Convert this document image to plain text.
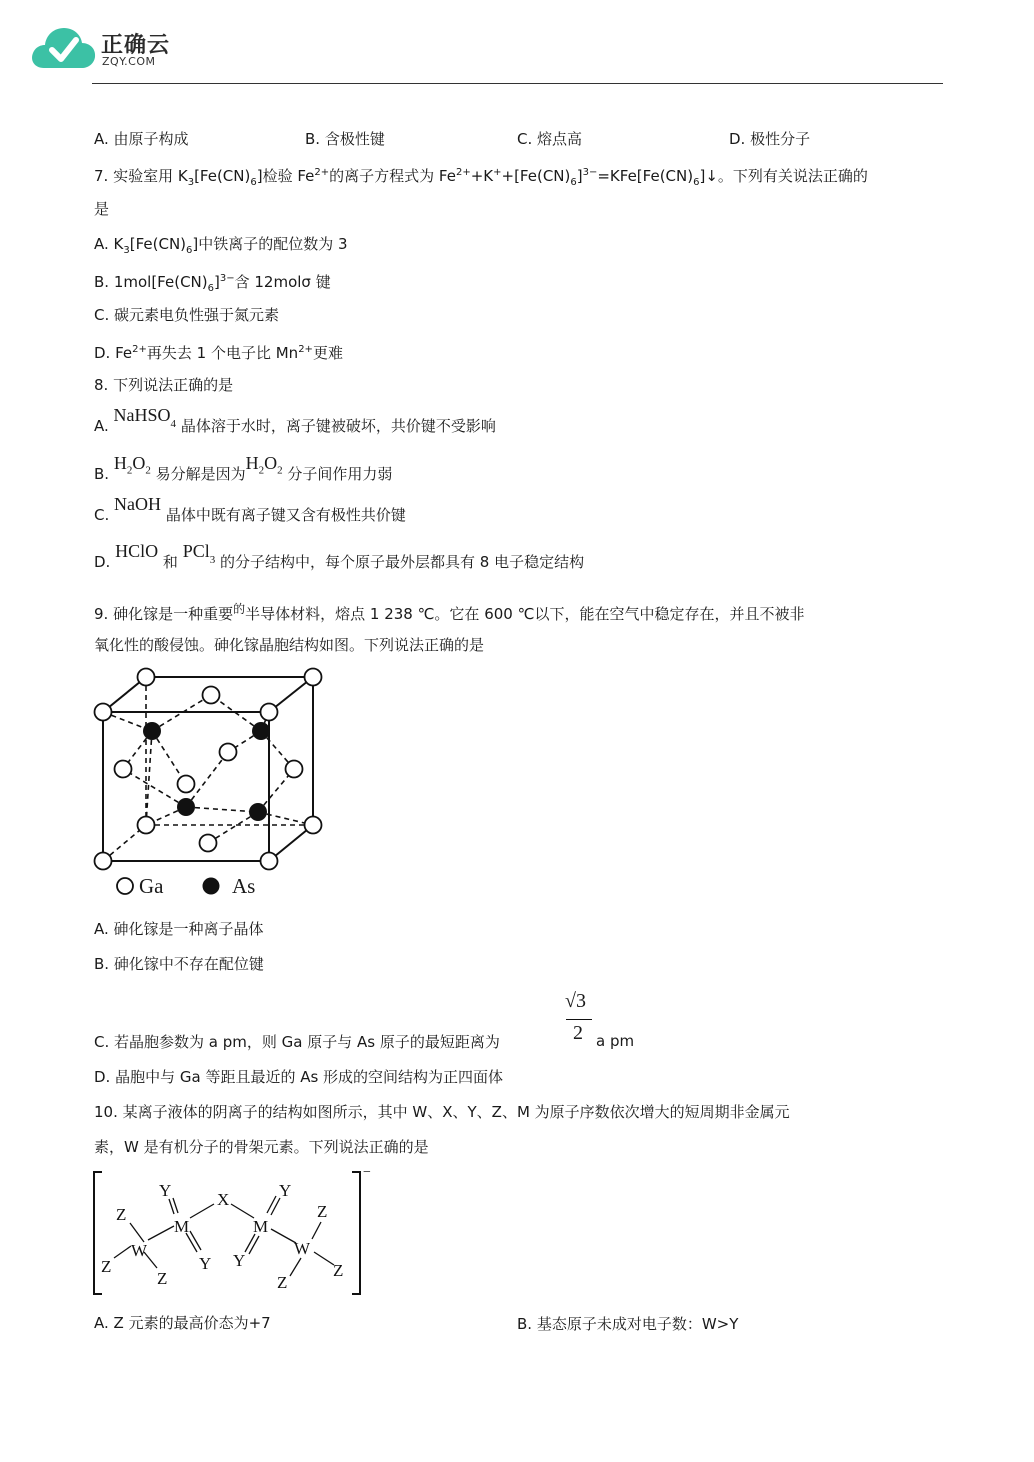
正确云
ZQY.COM
A. 由原子构成	B. 含极性键	C. 熔点高	D. 极性分子
7. 实验室用 $K_3[Fe(CN)_6]$检验 $Fe^{2+}$的离子方程式为 $Fe^{2+}+K^++[Fe(CN)_6]^{3-}=KFe[Fe(CN)_6]↓$。下列有关说法正确的
是
A. $K_3[Fe(CN)_6]$中铁离子的配位数为 3
B. $1mol[Fe(CN)_6]^{3-}$含 12molσ 键
C. 碳元素电负性强于氮元素
D. $Fe^{2+}$再失去 1 个电子比 $Mn^{2+}$更难
8. 下列说法正确的是
A. NaHSO$_4$ 晶体溶于水时，离子键被破坏，共价键不受影响
B. $H_2O_2$ 易分解是因为$H_2O_2$ 分子间作用力弱
C. NaOH 晶体中既有离子键又含有极性共价键
D. HClO 和 PCl$_3$ 的分子结构中，每个原子最外层都具有 8 电子稳定结构
9. 砷化镓是一种重要$^的$半导体材料，熔点 1 238 ℃。它在 600 ℃以下，能在空气中稳定存在，并且不被非
氧化性的酸侵蚀。砷化镓晶胞结构如图。下列说法正确的是
Ga	As
A. 砷化镓是一种离子晶体
B. 砷化镓中不存在配位键
C. 若晶胞参数为 a pm，则 Ga 原子与 As 原子的最短距离为
√3
2 a pm
D. 晶胞中与 Ga 等距且最近的 As 形成的空间结构为正四面体
10. 某离子液体的阴离子的结构如图所示，其中 W、X、Y、Z、M 为原子序数依次增大的短周期非金属元
素，W 是有机分子的骨架元素。下列说法正确的是
Z
W
Z
Z
M
Y
Y
X
M
Y
Y
W
Z
Z
Z
−
A. Z 元素的最高价态为+7	B. 基态原子未成对电子数：W>Y
